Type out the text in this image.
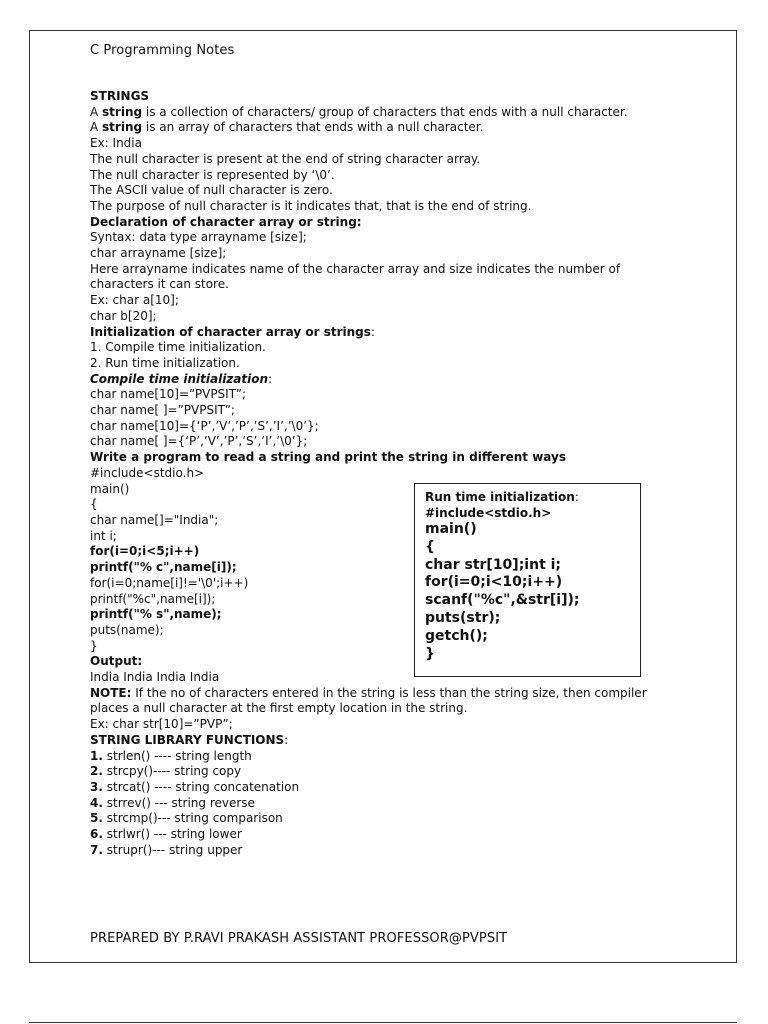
C Programming Notes
STRINGS
A string is a collection of characters/ group of characters that ends with a null character.
A string is an array of characters that ends with a null character.
Ex: India
The null character is present at the end of string character array.
The null character is represented by ‘\0’.
The ASCII value of null character is zero.
The purpose of null character is it indicates that, that is the end of string.
Declaration of character array or string:
Syntax: data type arrayname [size];
char arrayname [size];
Here arrayname indicates name of the character array and size indicates the number of characters it can store.
Ex: char a[10];
char b[20];
Initialization of character array or strings:
1. Compile time initialization.
2. Run time initialization.
Compile time initialization:
char name[10]=“PVPSIT”;
char name[ ]=”PVPSIT”;
char name[10]={‘P’,’V’,’P’,’S’,’I’,’\0’};
char name[ ]={‘P’,’V’,’P’,’S’,’I’,’\0’};
Write a program to read a string and print the string in different ways
#include<stdio.h>
main()
{
char name[]="India";
int i;
for(i=0;i<5;i++)
printf("% c",name[i]);
for(i=0;name[i]!='\0';i++)
printf("%c",name[i]);
printf("% s",name);
puts(name);
}
Output:
India India India India
NOTE: If the no of characters entered in the string is less than the string size, then compiler places a null character at the first empty location in the string.
Ex: char str[10]=”PVP”;
STRING LIBRARY FUNCTIONS:
1. strlen() ---- string length
2. strcpy()---- string copy
3. strcat() ---- string concatenation
4. strrev() --- string reverse
5. strcmp()--- string comparison
6. strlwr() --- string lower
7. strupr()--- string upper
Run time initialization:
#include<stdio.h>
main()
{
char str[10];int i;
for(i=0;i<10;i++)
scanf("%c",&str[i]);
puts(str);
getch();
}
PREPARED BY P.RAVI PRAKASH ASSISTANT PROFESSOR@PVPSIT
